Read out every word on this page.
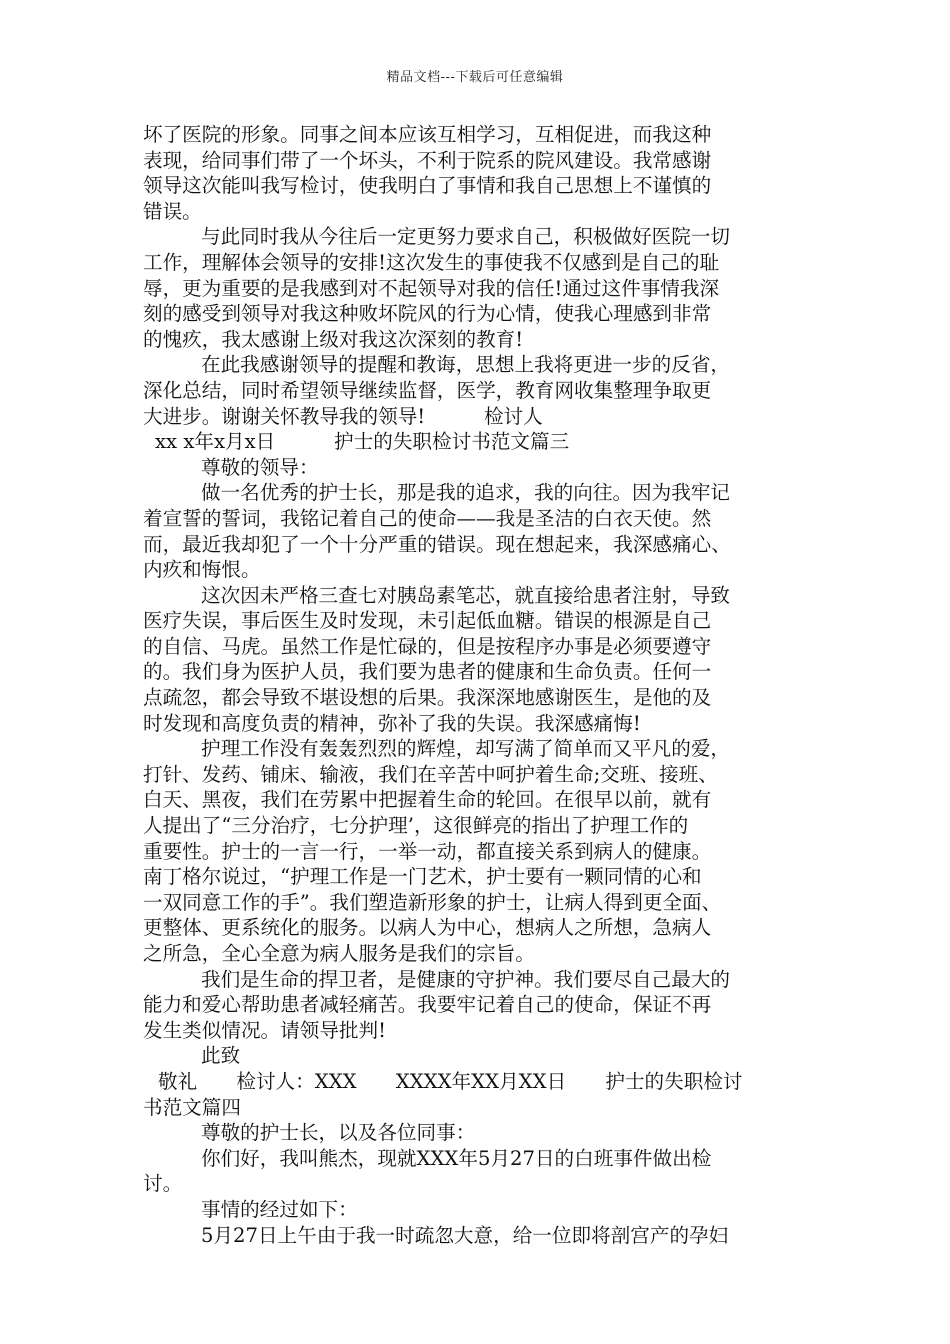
精品文档---下载后可任意编辑
坏了医院的形象。同事之间本应该互相学习，互相促进，而我这种
表现，给同事们带了一个坏头，不利于院系的院风建设。我常感谢
领导这次能叫我写检讨，使我明白了事情和我自己思想上不谨慎的
错误。
与此同时我从今往后一定更努力要求自己，积极做好医院一切
工作，理解体会领导的安排!这次发生的事使我不仅感到是自己的耻
辱，更为重要的是我感到对不起领导对我的信任!通过这件事情我深
刻的感受到领导对我这种败坏院风的行为心情，使我心理感到非常
的愧疚，我太感谢上级对我这次深刻的教育!
在此我感谢领导的提醒和教诲，思想上我将更进一步的反省，
深化总结，同时希望领导继续监督，医学，教育网收集整理争取更
大进步。谢谢关怀教导我的领导!　　　检讨人
xx x年x月x日　　　护士的失职检讨书范文篇三
尊敬的领导：
做一名优秀的护士长，那是我的追求，我的向往。因为我牢记
着宣誓的誓词，我铭记着自己的使命——我是圣洁的白衣天使。然
而，最近我却犯了一个十分严重的错误。现在想起来，我深感痛心、
内疚和悔恨。
这次因未严格三查七对胰岛素笔芯，就直接给患者注射，导致
医疗失误，事后医生及时发现，未引起低血糖。错误的根源是自己
的自信、马虎。虽然工作是忙碌的，但是按程序办事是必须要遵守
的。我们身为医护人员，我们要为患者的健康和生命负责。任何一
点疏忽，都会导致不堪设想的后果。我深深地感谢医生，是他的及
时发现和高度负责的精神，弥补了我的失误。我深感痛悔!
护理工作没有轰轰烈烈的辉煌，却写满了简单而又平凡的爱，
打针、发药、铺床、输液，我们在辛苦中呵护着生命;交班、接班、
白天、黑夜，我们在劳累中把握着生命的轮回。在很早以前，就有
人提出了“三分治疗，七分护理’，这很鲜亮的指出了护理工作的
重要性。护士的一言一行，一举一动，都直接关系到病人的健康。
南丁格尔说过，“护理工作是一门艺术，护士要有一颗同情的心和
一双同意工作的手”。我们塑造新形象的护士，让病人得到更全面、
更整体、更系统化的服务。以病人为中心，想病人之所想，急病人
之所急，全心全意为病人服务是我们的宗旨。
我们是生命的捍卫者，是健康的守护神。我们要尽自己最大的
能力和爱心帮助患者减轻痛苦。我要牢记着自己的使命，保证不再
发生类似情况。请领导批判!
此致
敬礼　　检讨人：XXX　　XXXX年XX月XX日　　护士的失职检讨
书范文篇四
尊敬的护士长，以及各位同事：
你们好，我叫熊杰，现就XXX年5月27日的白班事件做出检
讨。
事情的经过如下：
5月27日上午由于我一时疏忽大意，给一位即将剖宫产的孕妇
